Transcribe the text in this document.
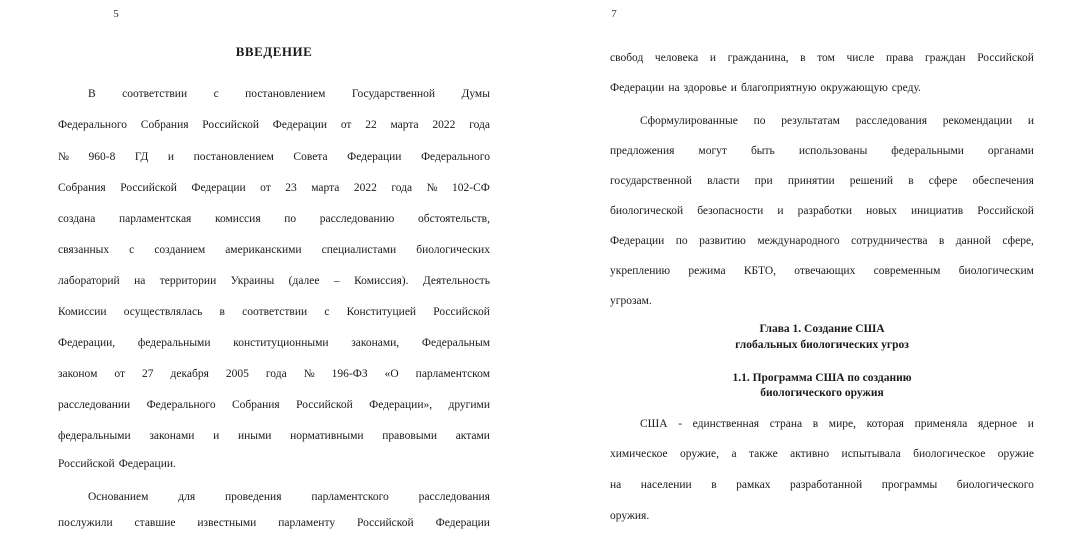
5
ВВЕДЕНИЕ
В соответствии с постановлением Государственной Думы
Федерального Собрания Российской Федерации от 22 марта 2022 года
№ 960-8 ГД и постановлением Совета Федерации Федерального
Собрания Российской Федерации от 23 марта 2022 года № 102-СФ
создана парламентская комиссия по расследованию обстоятельств,
связанных с созданием американскими специалистами биологических
лабораторий на территории Украины (далее – Комиссия). Деятельность
Комиссии осуществлялась в соответствии с Конституцией Российской
Федерации, федеральными конституционными законами, Федеральным
законом от 27 декабря 2005 года № 196-ФЗ «О парламентском
расследовании Федерального Собрания Российской Федерации», другими
федеральными законами и иными нормативными правовыми актами
Российской Федерации.
Основанием	для	проведения	парламентского	расследования
послужили ставшие известными парламенту Российской Федерации
7
свобод человека и гражданина, в том числе права граждан Российской
Федерации на здоровье и благоприятную окружающую среду.
Сформулированные по результатам расследования рекомендации и
предложения могут быть использованы федеральными органами
государственной власти при принятии решений в сфере обеспечения
биологической безопасности и разработки новых инициатив Российской
Федерации по развитию международного сотрудничества в данной сфере,
укреплению режима КБТО, отвечающих современным биологическим
угрозам.
Глава 1. Создание США
глобальных биологических угроз
1.1. Программа США по созданию
биологического оружия
США - единственная страна в мире, которая применяла ядерное и
химическое оружие, а также активно испытывала биологическое оружие
на населении в рамках разработанной программы биологического
оружия.
